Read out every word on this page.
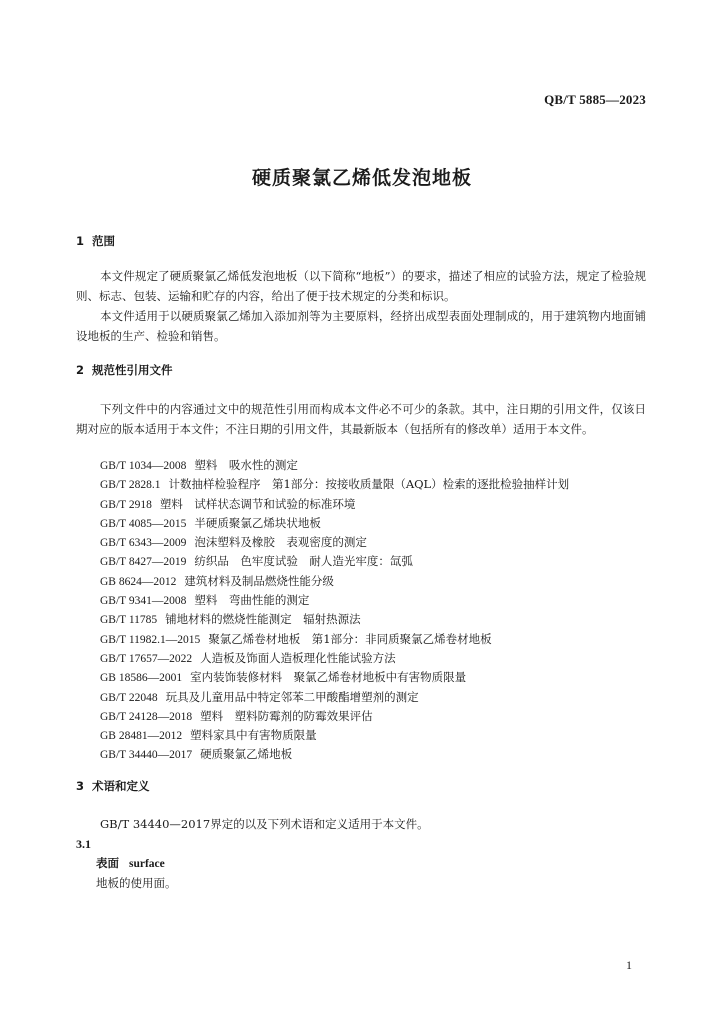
QB/T 5885—2023
硬质聚氯乙烯低发泡地板
1 范围
本文件规定了硬质聚氯乙烯低发泡地板（以下简称“地板”）的要求，描述了相应的试验方法，规定了检验规则、标志、包装、运输和贮存的内容，给出了便于技术规定的分类和标识。
本文件适用于以硬质聚氯乙烯加入添加剂等为主要原料，经挤出成型表面处理制成的，用于建筑物内地面铺设地板的生产、检验和销售。
2 规范性引用文件
下列文件中的内容通过文中的规范性引用而构成本文件必不可少的条款。其中，注日期的引用文件，仅该日期对应的版本适用于本文件；不注日期的引用文件，其最新版本（包括所有的修改单）适用于本文件。
GB/T 1034—2008 塑料　吸水性的测定
GB/T 2828.1 计数抽样检验程序　第1部分：按接收质量限（AQL）检索的逐批检验抽样计划
GB/T 2918 塑料　试样状态调节和试验的标准环境
GB/T 4085—2015 半硬质聚氯乙烯块状地板
GB/T 6343—2009 泡沫塑料及橡胶　表观密度的测定
GB/T 8427—2019 纺织品　色牢度试验　耐人造光牢度：氙弧
GB 8624—2012 建筑材料及制品燃烧性能分级
GB/T 9341—2008 塑料　弯曲性能的测定
GB/T 11785 铺地材料的燃烧性能测定　辐射热源法
GB/T 11982.1—2015 聚氯乙烯卷材地板　第1部分：非同质聚氯乙烯卷材地板
GB/T 17657—2022 人造板及饰面人造板理化性能试验方法
GB 18586—2001 室内装饰装修材料　聚氯乙烯卷材地板中有害物质限量
GB/T 22048 玩具及儿童用品中特定邻苯二甲酸酯增塑剂的测定
GB/T 24128—2018 塑料　塑料防霉剂的防霉效果评估
GB 28481—2012 塑料家具中有害物质限量
GB/T 34440—2017 硬质聚氯乙烯地板
3 术语和定义
GB/T 34440—2017界定的以及下列术语和定义适用于本文件。
3.1
表面 surface
地板的使用面。
1
